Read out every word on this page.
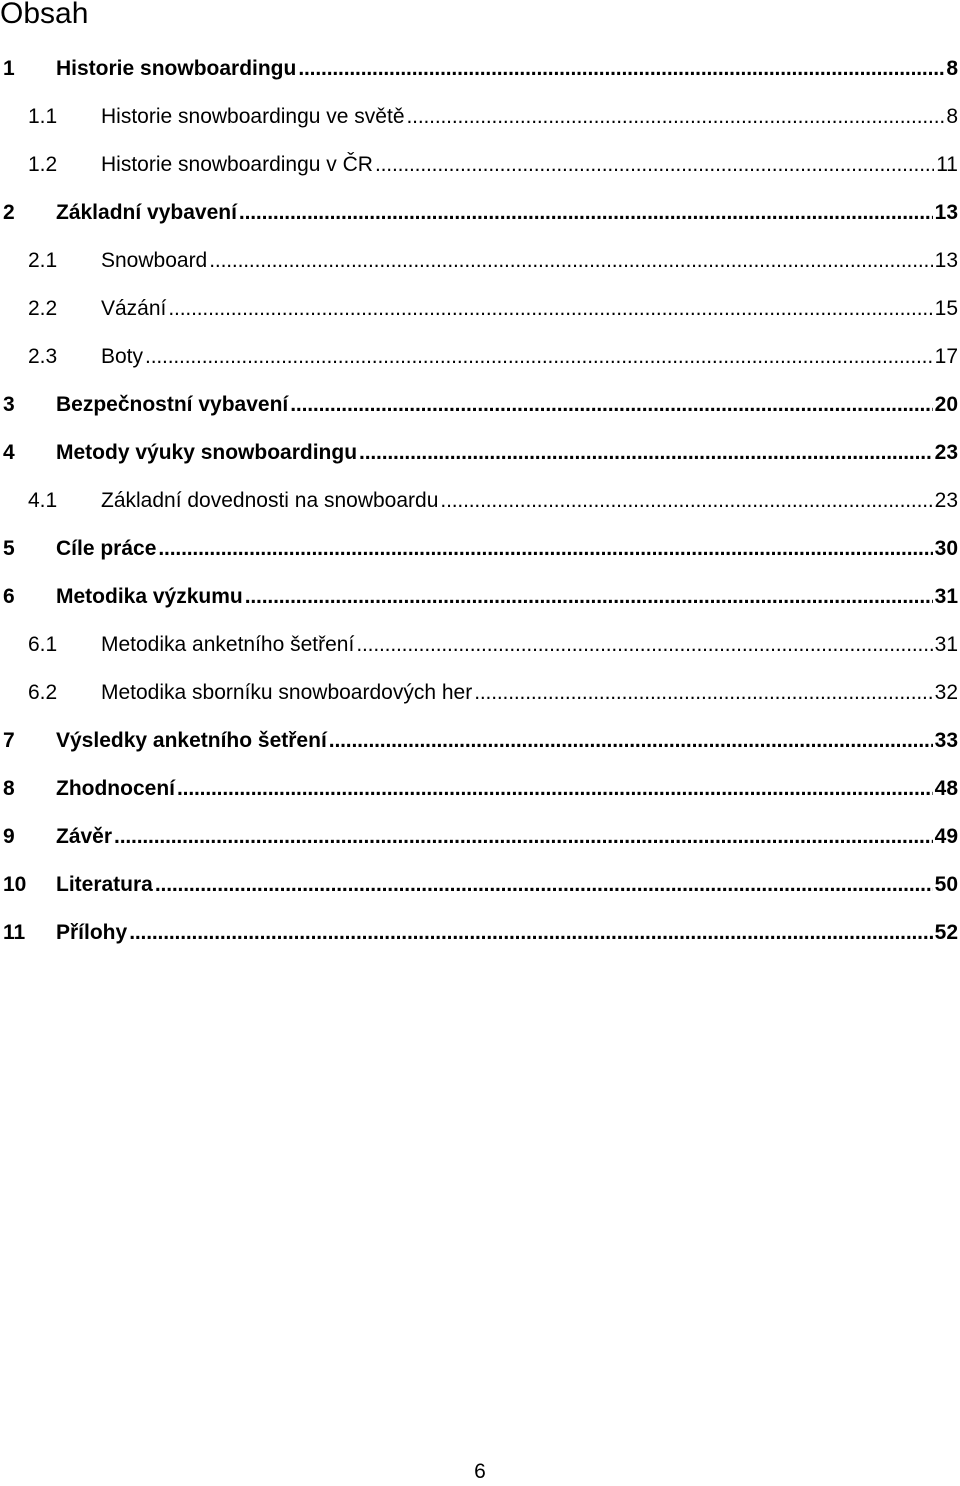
Obsah
1	Historie snowboardingu . . .	8
1.1	Historie snowboardingu ve světě . . .	8
1.2	Historie snowboardingu v ČR . . .	11
2	Základní vybavení . . .	13
2.1	Snowboard . . .	13
2.2	Vázání . . .	15
2.3	Boty . . .	17
3	Bezpečnostní vybavení . . .	20
4	Metody výuky snowboardingu . . .	23
4.1	Základní dovednosti na snowboardu . . .	23
5	Cíle práce . . .	30
6	Metodika výzkumu . . .	31
6.1	Metodika anketního šetření . . .	31
6.2	Metodika sborníku snowboardových her . . .	32
7	Výsledky anketního šetření . . .	33
8	Zhodnocení . . .	48
9	Závěr . . .	49
10	Literatura . . .	50
11	Přílohy . . .	52
6
